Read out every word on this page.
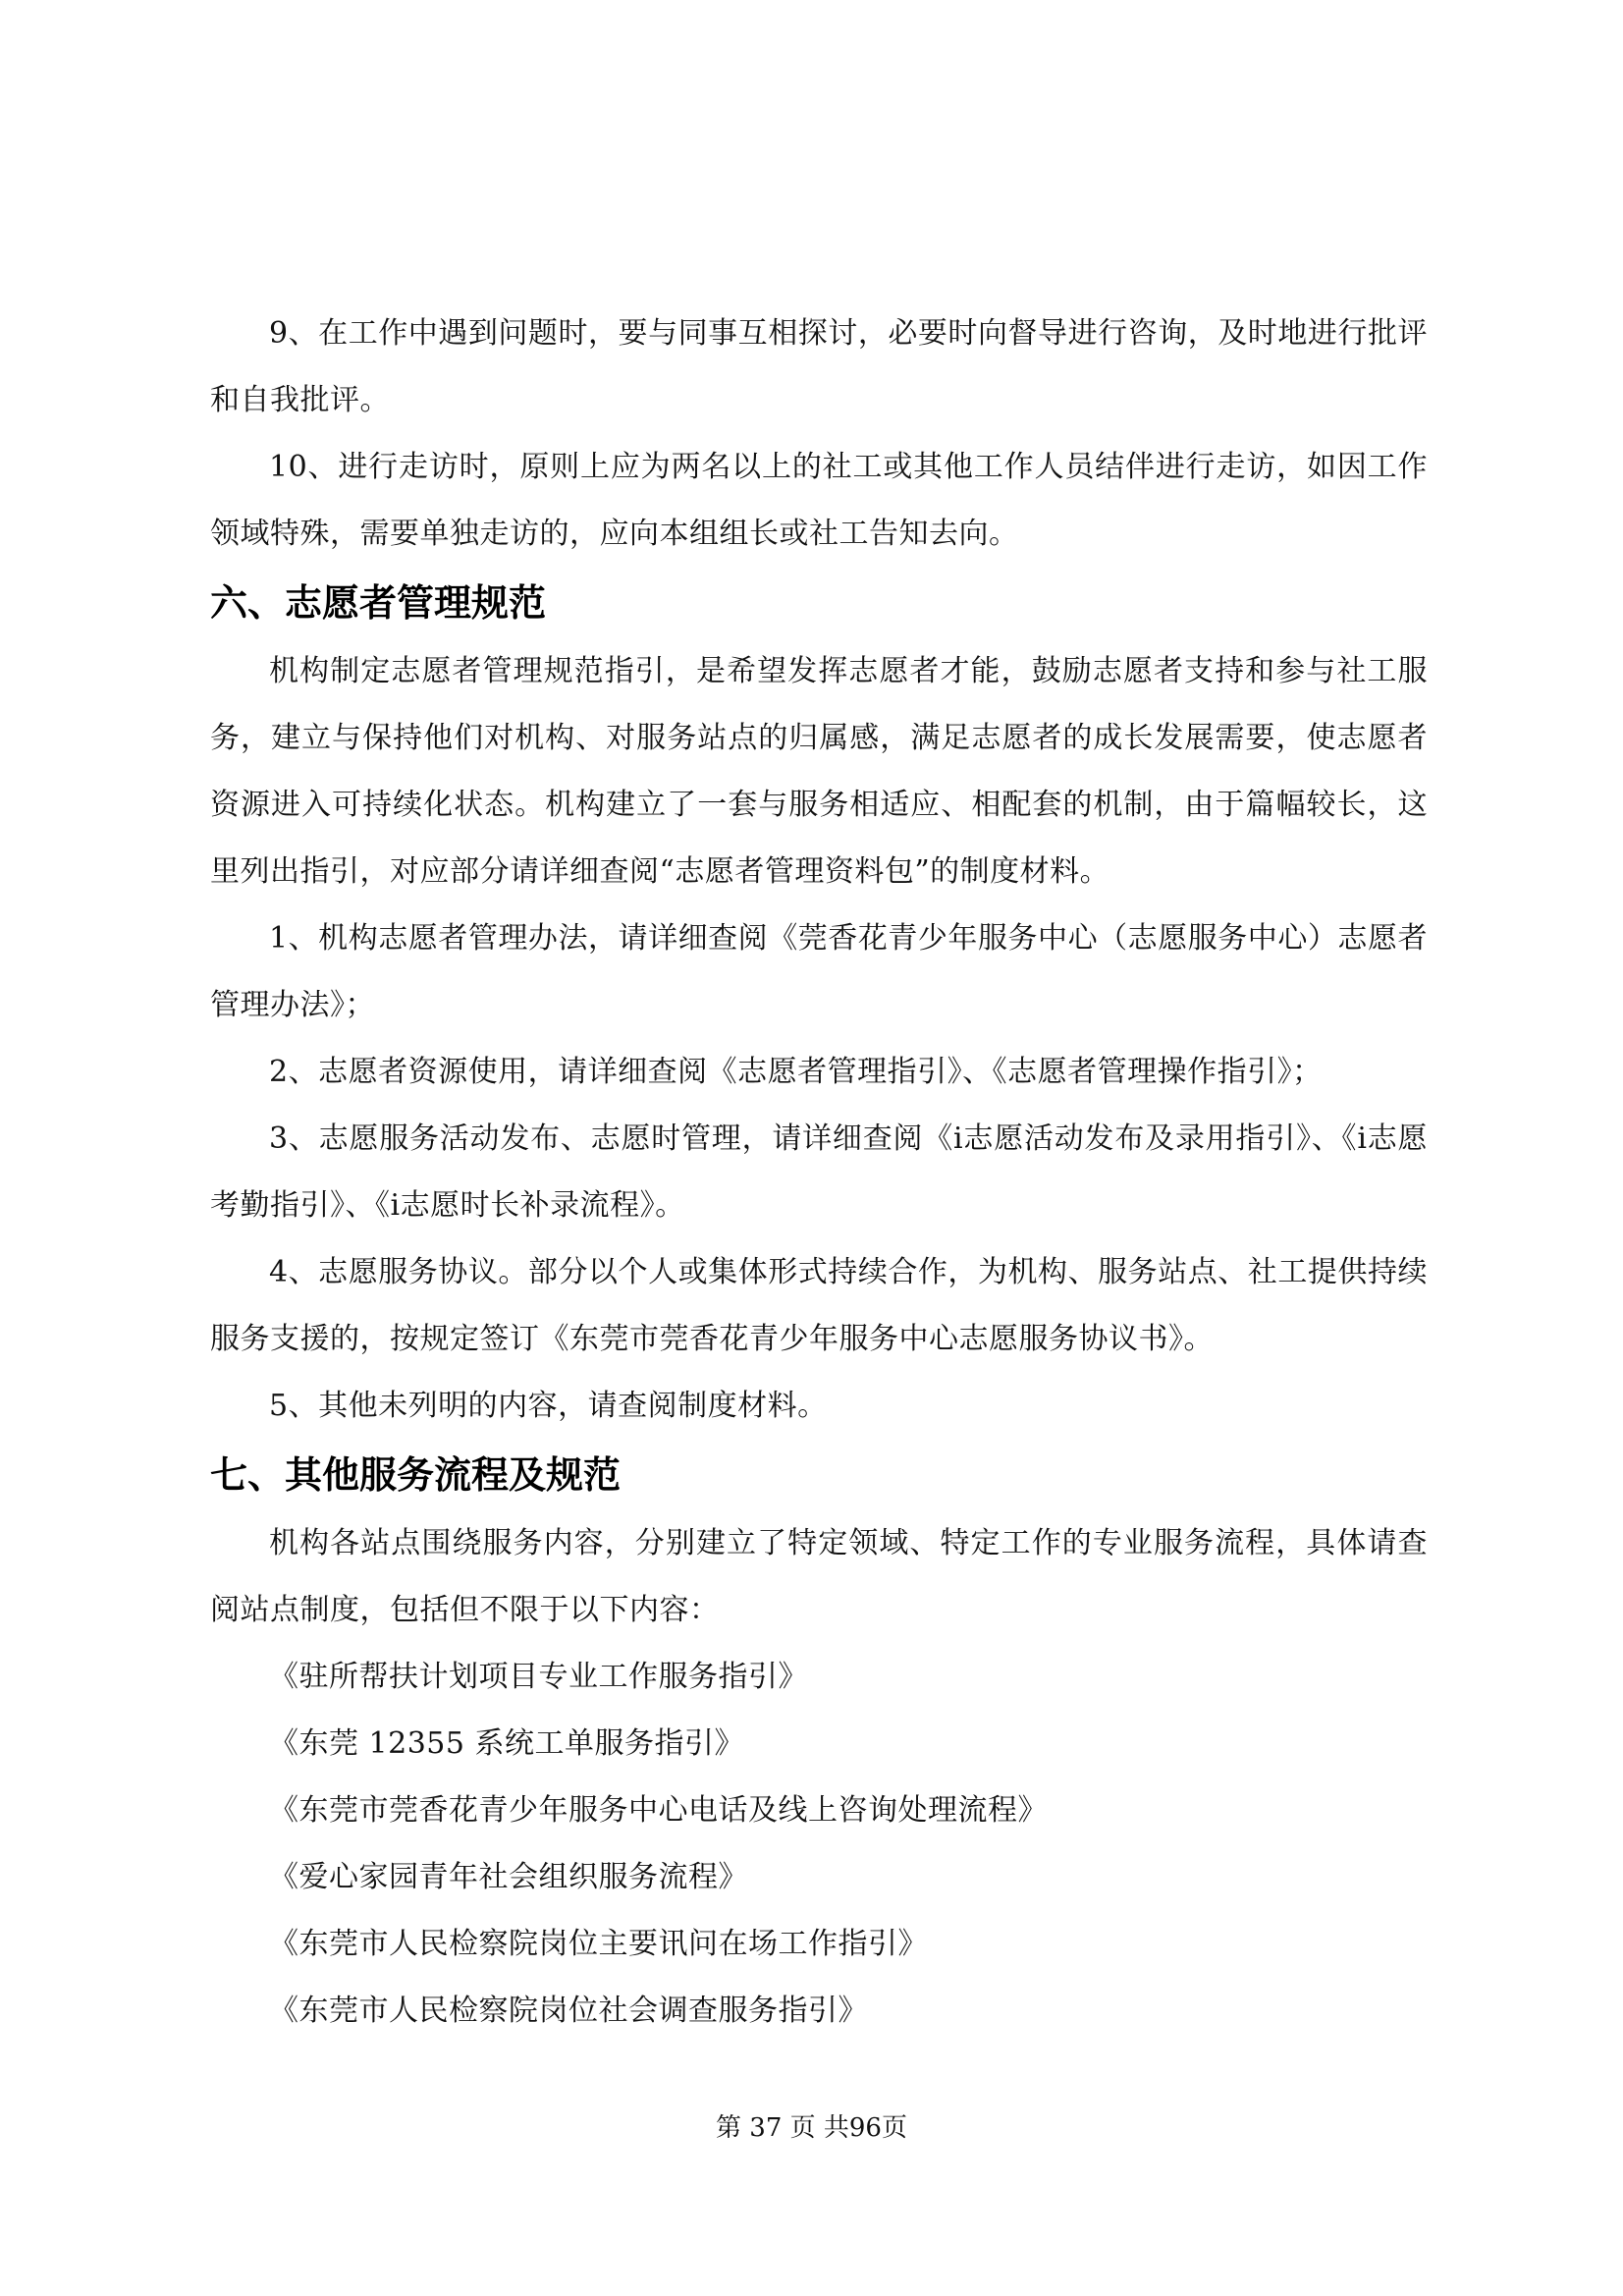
9、在工作中遇到问题时，要与同事互相探讨，必要时向督导进行咨询，及时地进行批评和自我批评。

10、进行走访时，原则上应为两名以上的社工或其他工作人员结伴进行走访，如因工作领域特殊，需要单独走访的，应向本组组长或社工告知去向。

六、志愿者管理规范

机构制定志愿者管理规范指引，是希望发挥志愿者才能，鼓励志愿者支持和参与社工服务，建立与保持他们对机构、对服务站点的归属感，满足志愿者的成长发展需要，使志愿者资源进入可持续化状态。机构建立了一套与服务相适应、相配套的机制，由于篇幅较长，这里列出指引，对应部分请详细查阅“志愿者管理资料包”的制度材料。

1、机构志愿者管理办法，请详细查阅《莞香花青少年服务中心（志愿服务中心）志愿者管理办法》；

2、志愿者资源使用，请详细查阅《志愿者管理指引》、《志愿者管理操作指引》；

3、志愿服务活动发布、志愿时管理，请详细查阅《i志愿活动发布及录用指引》、《i志愿考勤指引》、《i志愿时长补录流程》。

4、志愿服务协议。部分以个人或集体形式持续合作，为机构、服务站点、社工提供持续服务支援的，按规定签订《东莞市莞香花青少年服务中心志愿服务协议书》。

5、其他未列明的内容，请查阅制度材料。

七、其他服务流程及规范

机构各站点围绕服务内容，分别建立了特定领域、特定工作的专业服务流程，具体请查阅站点制度，包括但不限于以下内容：

《驻所帮扶计划项目专业工作服务指引》

《东莞 12355 系统工单服务指引》

《东莞市莞香花青少年服务中心电话及线上咨询处理流程》

《爱心家园青年社会组织服务流程》

《东莞市人民检察院岗位主要讯问在场工作指引》

《东莞市人民检察院岗位社会调查服务指引》

第 37 页 共96页
